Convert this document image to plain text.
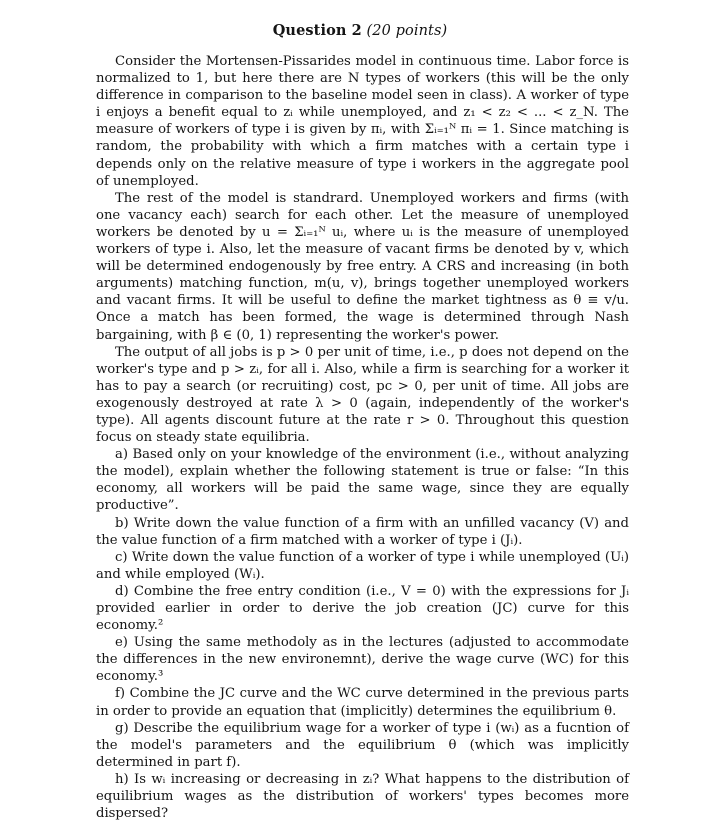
Question 2 (20 points)

Consider the Mortensen-Pissarides model in continuous time. Labor force is normalized to 1, but here there are N types of workers (this will be the only difference in comparison to the baseline model seen in class). A worker of type i enjoys a benefit equal to zᵢ while unemployed, and z₁ < z₂ < ... < z_N. The measure of workers of type i is given by πᵢ, with Σᵢ₌₁ᴺ πᵢ = 1. Since matching is random, the probability with which a firm matches with a certain type i depends only on the relative measure of type i workers in the aggregate pool of unemployed.

The rest of the model is standrard. Unemployed workers and firms (with one vacancy each) search for each other. Let the measure of unemployed workers be denoted by u = Σᵢ₌₁ᴺ uᵢ, where uᵢ is the measure of unemployed workers of type i. Also, let the measure of vacant firms be denoted by v, which will be determined endogenously by free entry. A CRS and increasing (in both arguments) matching function, m(u, v), brings together unemployed workers and vacant firms. It will be useful to define the market tightness as θ ≡ v/u. Once a match has been formed, the wage is determined through Nash bargaining, with β ∈ (0, 1) representing the worker's power.

The output of all jobs is p > 0 per unit of time, i.e., p does not depend on the worker's type and p > zᵢ, for all i. Also, while a firm is searching for a worker it has to pay a search (or recruiting) cost, pc > 0, per unit of time. All jobs are exogenously destroyed at rate λ > 0 (again, independently of the worker's type). All agents discount future at the rate r > 0. Throughout this question focus on steady state equilibria.

a) Based only on your knowledge of the environment (i.e., without analyzing the model), explain whether the following statement is true or false: “In this economy, all workers will be paid the same wage, since they are equally productive”.

b) Write down the value function of a firm with an unfilled vacancy (V) and the value function of a firm matched with a worker of type i (Jᵢ).

c) Write down the value function of a worker of type i while unemployed (Uᵢ) and while employed (Wᵢ).

d) Combine the free entry condition (i.e., V = 0) with the expressions for Jᵢ provided earlier in order to derive the job creation (JC) curve for this economy.²

e) Using the same methodoly as in the lectures (adjusted to accommodate the differences in the new environemnt), derive the wage curve (WC) for this economy.³

f) Combine the JC curve and the WC curve determined in the previous parts in order to provide an equation that (implicitly) determines the equilibrium θ.

g) Describe the equilibrium wage for a worker of type i (wᵢ) as a fucntion of the model's parameters and the equilibrium θ (which was implicitly determined in part f).

h) Is wᵢ increasing or decreasing in zᵢ? What happens to the distribution of equilibrium wages as the distribution of workers' types becomes more dispersed?
